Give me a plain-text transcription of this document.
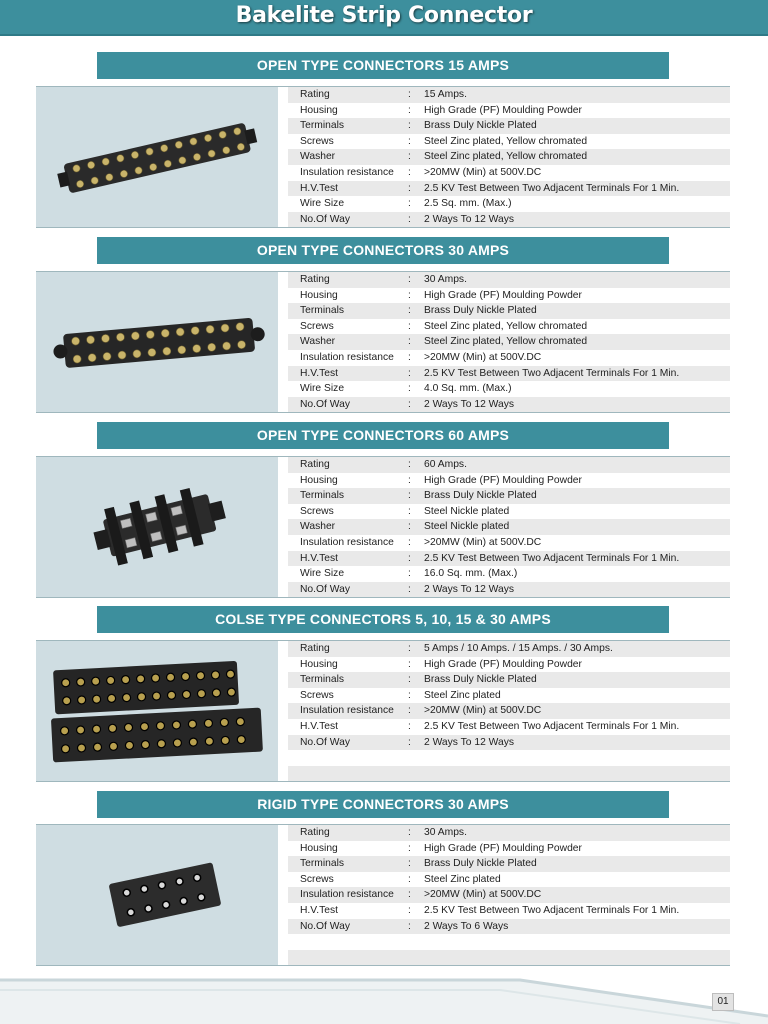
Bakelite Strip Connector
OPEN TYPE CONNECTORS 15 AMPS
Rating	: 15 Amps.
Housing	: High Grade (PF) Moulding Powder
Terminals	: Brass Duly Nickle Plated
Screws	: Steel Zinc plated, Yellow chromated
Washer	: Steel Zinc plated, Yellow chromated
Insulation resistance : >20MW (Min) at 500V.DC
H.V.Test	: 2.5 KV Test Between Two Adjacent Terminals For 1 Min.
Wire Size	: 2.5 Sq. mm. (Max.)
No.Of Way	: 2 Ways To 12 Ways
OPEN TYPE CONNECTORS 30 AMPS
Rating	: 30 Amps.
Housing	: High Grade (PF) Moulding Powder
Terminals	: Brass Duly Nickle Plated
Screws	: Steel Zinc plated, Yellow chromated
Washer	: Steel Zinc plated, Yellow chromated
Insulation resistance : >20MW (Min) at 500V.DC
H.V.Test	: 2.5 KV Test Between Two Adjacent Terminals For 1 Min.
Wire Size	: 4.0 Sq. mm. (Max.)
No.Of Way	: 2 Ways To 12 Ways
OPEN TYPE CONNECTORS 60 AMPS
Rating	: 60 Amps.
Housing	: High Grade (PF) Moulding Powder
Terminals	: Brass Duly Nickle Plated
Screws	: Steel Nickle plated
Washer	: Steel Nickle plated
Insulation resistance : >20MW (Min) at 500V.DC
H.V.Test	: 2.5 KV Test Between Two Adjacent Terminals For 1 Min.
Wire Size	: 16.0 Sq. mm. (Max.)
No.Of Way	: 2 Ways To 12 Ways
COLSE TYPE CONNECTORS 5, 10, 15 & 30 AMPS
Rating	: 5 Amps / 10 Amps. / 15 Amps. / 30 Amps.
Housing	: High Grade (PF) Moulding Powder
Terminals	: Brass Duly Nickle Plated
Screws	: Steel Zinc plated
Insulation resistance : >20MW (Min) at 500V.DC
H.V.Test	: 2.5 KV Test Between Two Adjacent Terminals For 1 Min.
No.Of Way	: 2 Ways To 12 Ways
RIGID TYPE CONNECTORS 30 AMPS
Rating	: 30 Amps.
Housing	: High Grade (PF) Moulding Powder
Terminals	: Brass Duly Nickle Plated
Screws	: Steel Zinc plated
Insulation resistance : >20MW (Min) at 500V.DC
H.V.Test	: 2.5 KV Test Between Two Adjacent Terminals For 1 Min.
No.Of Way	: 2 Ways To 6 Ways
01
